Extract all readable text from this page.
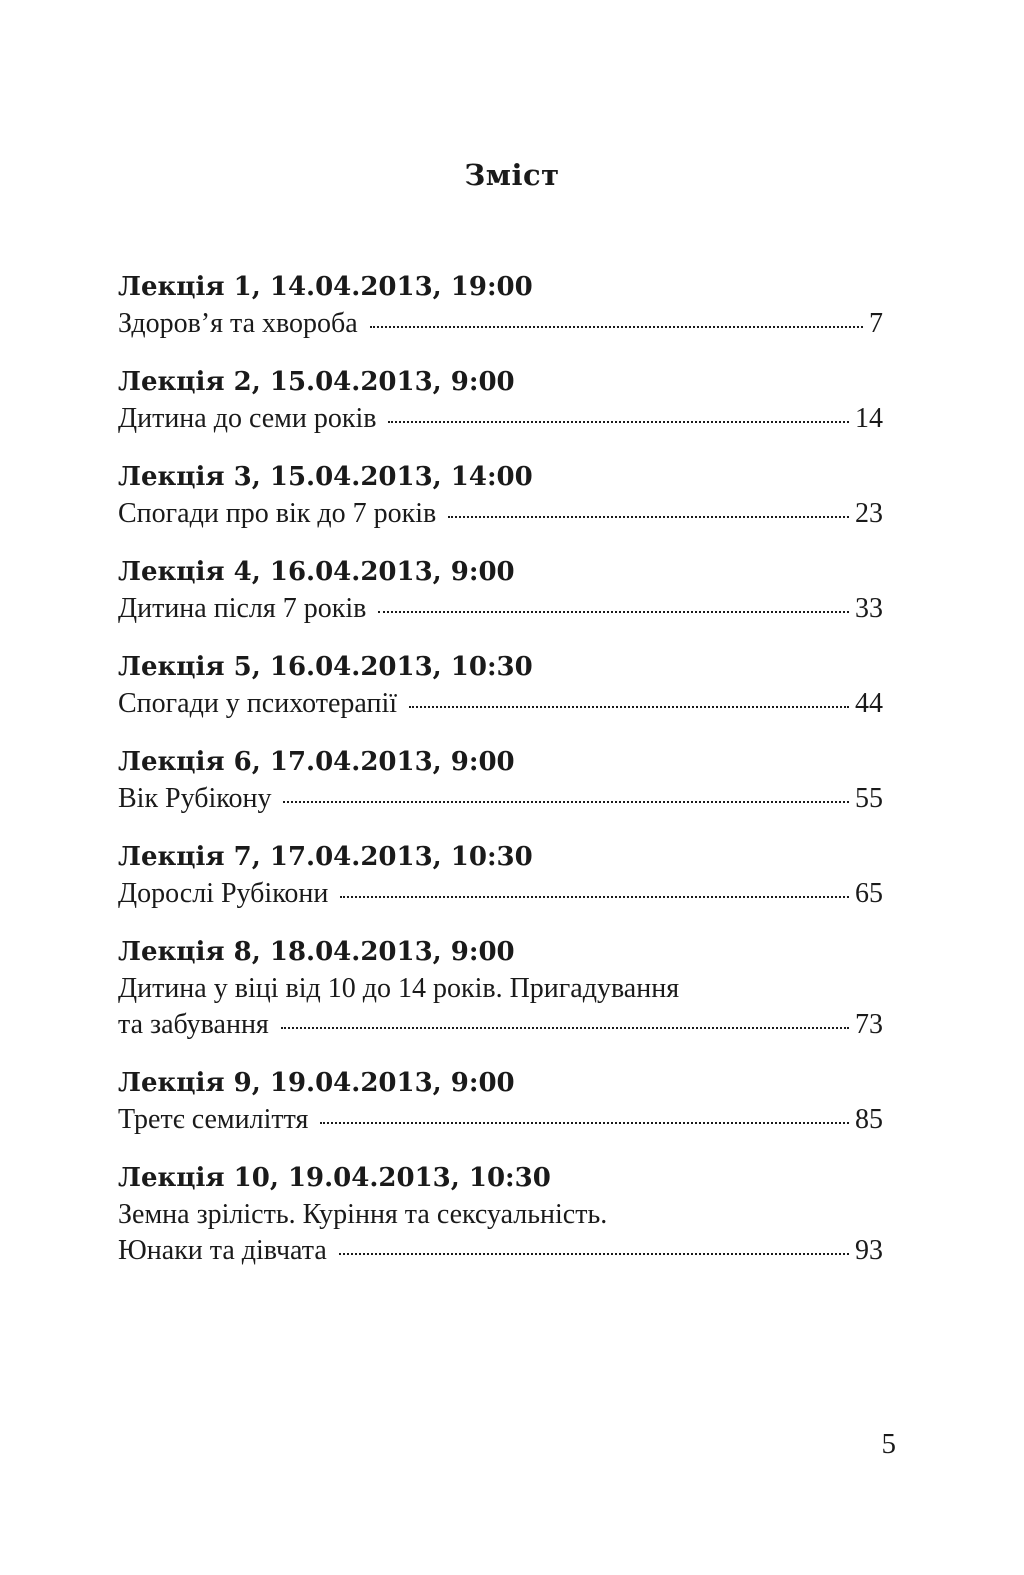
Зміст
Лекція 1, 14.04.2013, 19:00
Здоров’я та хвороба	7
Лекція 2, 15.04.2013, 9:00
Дитина до семи років	14
Лекція 3, 15.04.2013, 14:00
Спогади про вік до 7 років	23
Лекція 4, 16.04.2013, 9:00
Дитина після 7 років	33
Лекція 5, 16.04.2013, 10:30
Спогади у психотерапії	44
Лекція 6, 17.04.2013, 9:00
Вік Рубікону	55
Лекція 7, 17.04.2013, 10:30
Дорослі Рубікони	65
Лекція 8, 18.04.2013, 9:00
Дитина у віці від 10 до 14 років. Пригадування
та забування	73
Лекція 9, 19.04.2013, 9:00
Третє семиліття	85
Лекція 10, 19.04.2013, 10:30
Земна зрілість. Куріння та сексуальність.
Юнаки та дівчата	93
5
